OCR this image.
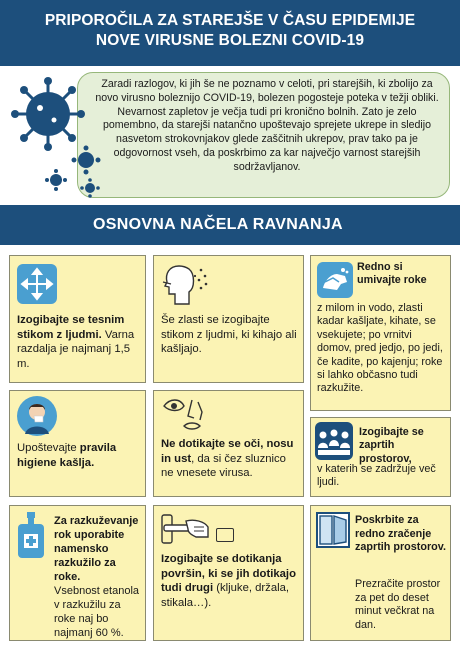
PRIPOROČILA ZA STAREJŠE V ČASU EPIDEMIJE
NOVE VIRUSNE BOLEZNI COVID-19

Zaradi razlogov, ki jih še ne poznamo v celoti, pri starejših, ki zbolijo za novo virusno boleznijo COVID-19, bolezen pogosteje poteka v težji obliki. Nevarnost zapletov je večja tudi pri kronično bolnih. Zato je zelo pomembno, da starejši natančno upoštevajo sprejete ukrepe in sledijo nasvetom strokovnjakov glede zaščitnih ukrepov, prav tako pa je odgovornost vseh, da poskrbimo za kar največjo varnost starejših sodržavljanov.

OSNOVNA NAČELA RAVNANJA
Izogibajte se tesnim stikom z ljudmi. Varna razdalja je najmanj 1,5 m.
Še zlasti se izogibajte stikom z ljudmi, ki kihajo ali kašljajo.

Redno si umivajte roke
z milom in vodo, zlasti kadar kašljate, kihate, se vsekujete; po vrnitvi domov, pred jedjo, po jedi, če kadite, po kajenju; roke si lahko občasno tudi razkužite.
Upoštevajte pravila higiene kašlja.
Ne dotikajte se oči, nosu in ust, da si čez sluznico ne vnesete virusa.
Izogibajte se zaprtih prostorov,
v katerih se zadržuje več ljudi.
Za razkuževanje rok uporabite namensko razkužilo za roke.
Vsebnost etanola v razkužilu za roke naj bo najmanj 60 %.
Izogibajte se dotikanja površin, ki se jih dotikajo tudi drugi (kljuke, držala, stikala…).
Poskrbite za redno zračenje zaprtih prostorov.
Prezračite prostor za pet do deset minut večkrat na dan.
